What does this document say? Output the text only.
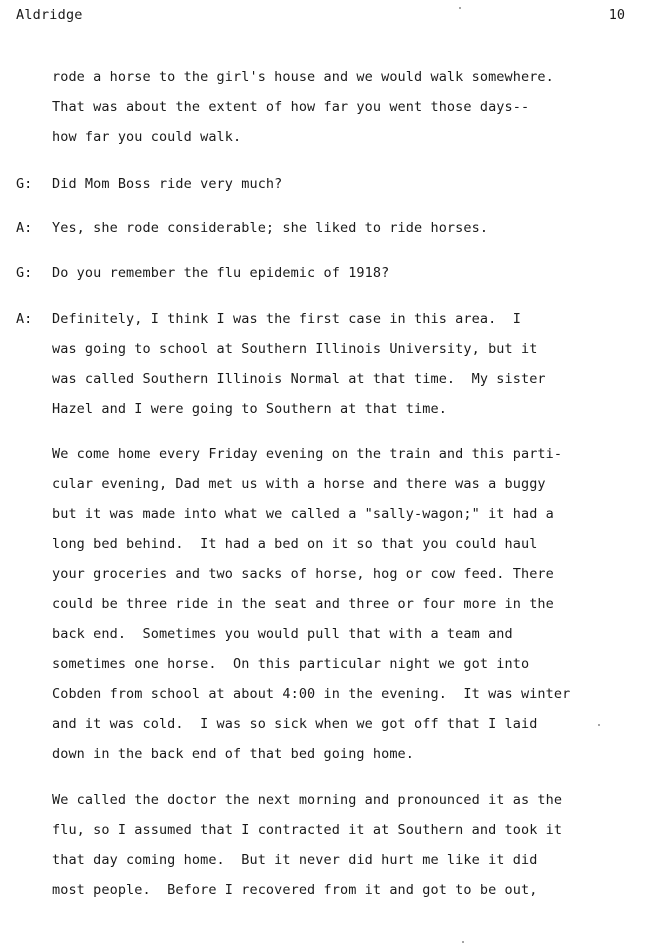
Aldridge	10
rode a horse to the girl's house and we would walk somewhere.
That was about the extent of how far you went those days--
how far you could walk.
G: Did Mom Boss ride very much?
A: Yes, she rode considerable; she liked to ride horses.
G: Do you remember the flu epidemic of 1918?
A: Definitely, I think I was the first case in this area.  I
was going to school at Southern Illinois University, but it
was called Southern Illinois Normal at that time.  My sister
Hazel and I were going to Southern at that time.
We come home every Friday evening on the train and this parti-
cular evening, Dad met us with a horse and there was a buggy
but it was made into what we called a "sally-wagon;" it had a
long bed behind.  It had a bed on it so that you could haul
your groceries and two sacks of horse, hog or cow feed. There
could be three ride in the seat and three or four more in the
back end.  Sometimes you would pull that with a team and
sometimes one horse.  On this particular night we got into
Cobden from school at about 4:00 in the evening.  It was winter
and it was cold.  I was so sick when we got off that I laid
down in the back end of that bed going home.
We called the doctor the next morning and pronounced it as the
flu, so I assumed that I contracted it at Southern and took it
that day coming home.  But it never did hurt me like it did
most people.  Before I recovered from it and got to be out,
